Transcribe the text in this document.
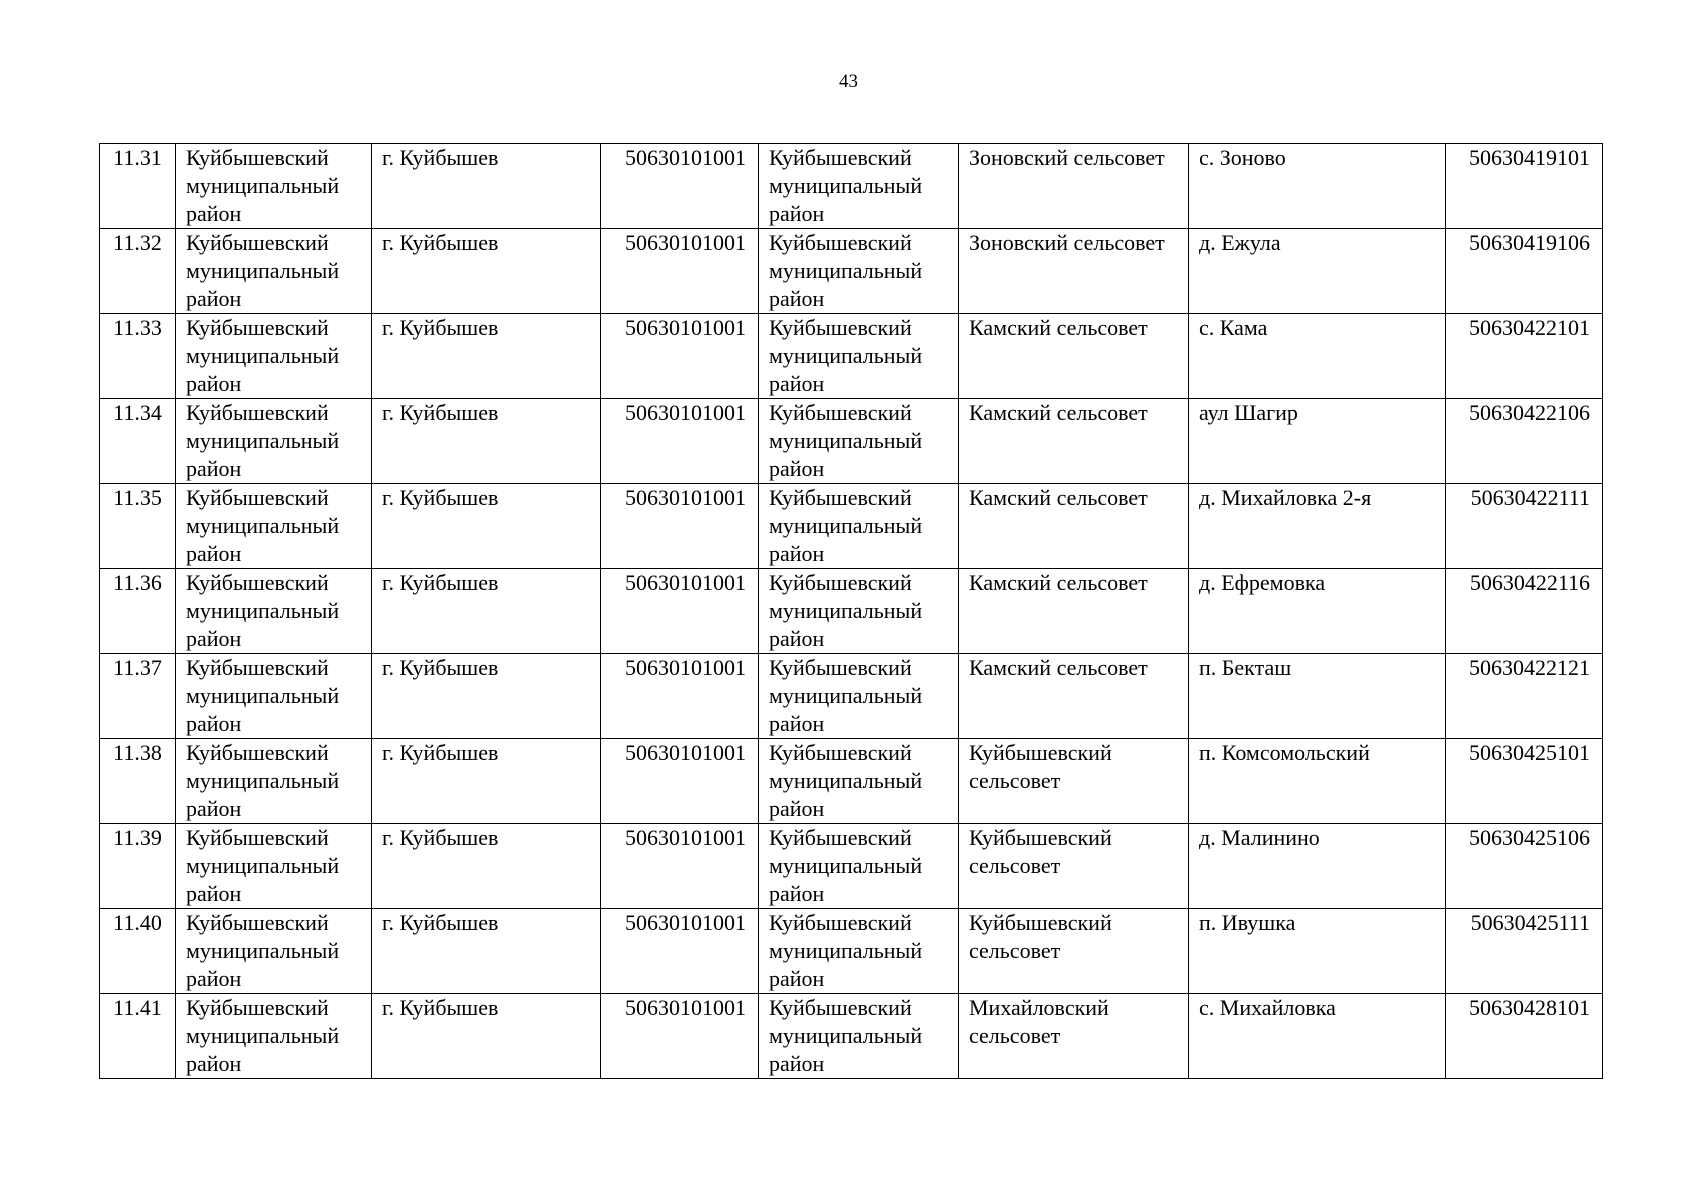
43
11.31	Куйбышевский муниципальный район	г. Куйбышев	50630101001	Куйбышевский муниципальный район	Зоновский сельсовет	с. Зоново	50630419101
11.32	Куйбышевский муниципальный район	г. Куйбышев	50630101001	Куйбышевский муниципальный район	Зоновский сельсовет	д. Ежула	50630419106
11.33	Куйбышевский муниципальный район	г. Куйбышев	50630101001	Куйбышевский муниципальный район	Камский сельсовет	с. Кама	50630422101
11.34	Куйбышевский муниципальный район	г. Куйбышев	50630101001	Куйбышевский муниципальный район	Камский сельсовет	аул Шагир	50630422106
11.35	Куйбышевский муниципальный район	г. Куйбышев	50630101001	Куйбышевский муниципальный район	Камский сельсовет	д. Михайловка 2-я	50630422111
11.36	Куйбышевский муниципальный район	г. Куйбышев	50630101001	Куйбышевский муниципальный район	Камский сельсовет	д. Ефремовка	50630422116
11.37	Куйбышевский муниципальный район	г. Куйбышев	50630101001	Куйбышевский муниципальный район	Камский сельсовет	п. Бекташ	50630422121
11.38	Куйбышевский муниципальный район	г. Куйбышев	50630101001	Куйбышевский муниципальный район	Куйбышевский сельсовет	п. Комсомольский	50630425101
11.39	Куйбышевский муниципальный район	г. Куйбышев	50630101001	Куйбышевский муниципальный район	Куйбышевский сельсовет	д. Малинино	50630425106
11.40	Куйбышевский муниципальный район	г. Куйбышев	50630101001	Куйбышевский муниципальный район	Куйбышевский сельсовет	п. Ивушка	50630425111
11.41	Куйбышевский муниципальный район	г. Куйбышев	50630101001	Куйбышевский муниципальный район	Михайловский сельсовет	с. Михайловка	50630428101
